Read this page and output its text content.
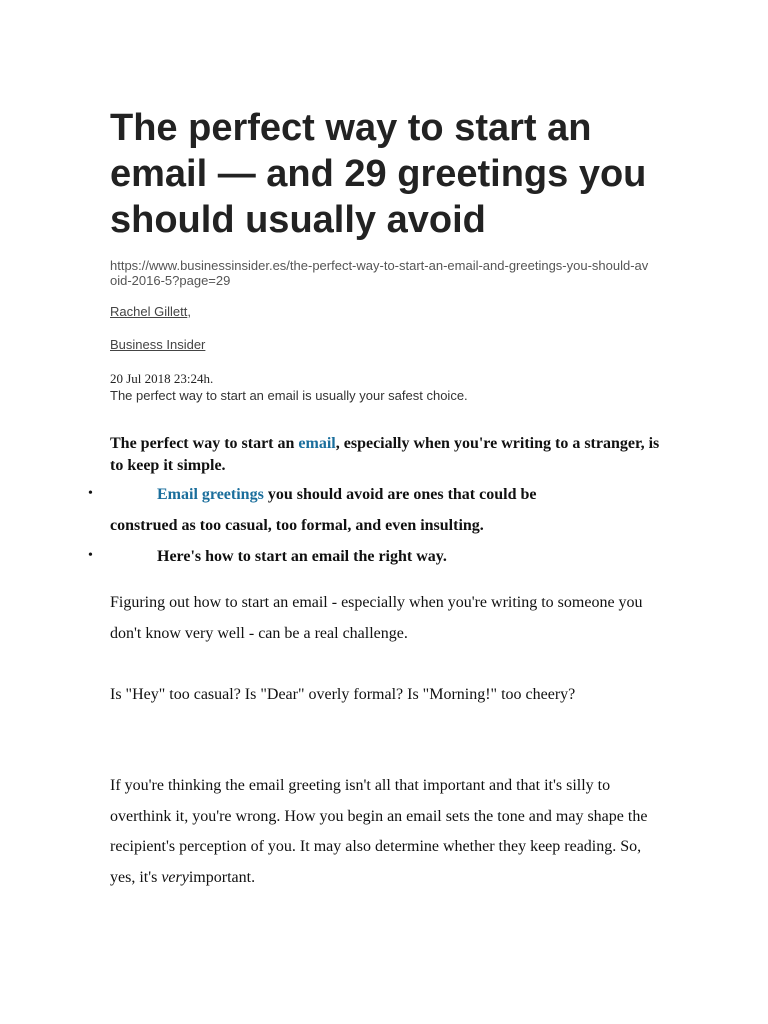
The perfect way to start an email — and 29 greetings you should usually avoid
https://www.businessinsider.es/the-perfect-way-to-start-an-email-and-greetings-you-should-avoid-2016-5?page=29
Rachel Gillett,
Business Insider
20 Jul 2018 23:24h.
The perfect way to start an email is usually your safest choice.
The perfect way to start an email, especially when you're writing to a stranger, is to keep it simple.
•	Email greetings you should avoid are ones that could be
construed as too casual, too formal, and even insulting.
•	Here's how to start an email the right way.

Figuring out how to start an email - especially when you're writing to someone you don't know very well - can be a real challenge.

Is "Hey" too casual? Is "Dear" overly formal? Is "Morning!" too cheery?

If you're thinking the email greeting isn't all that important and that it's silly to overthink it, you're wrong. How you begin an email sets the tone and may shape the recipient's perception of you. It may also determine whether they keep reading. So, yes, it's veryimportant.
